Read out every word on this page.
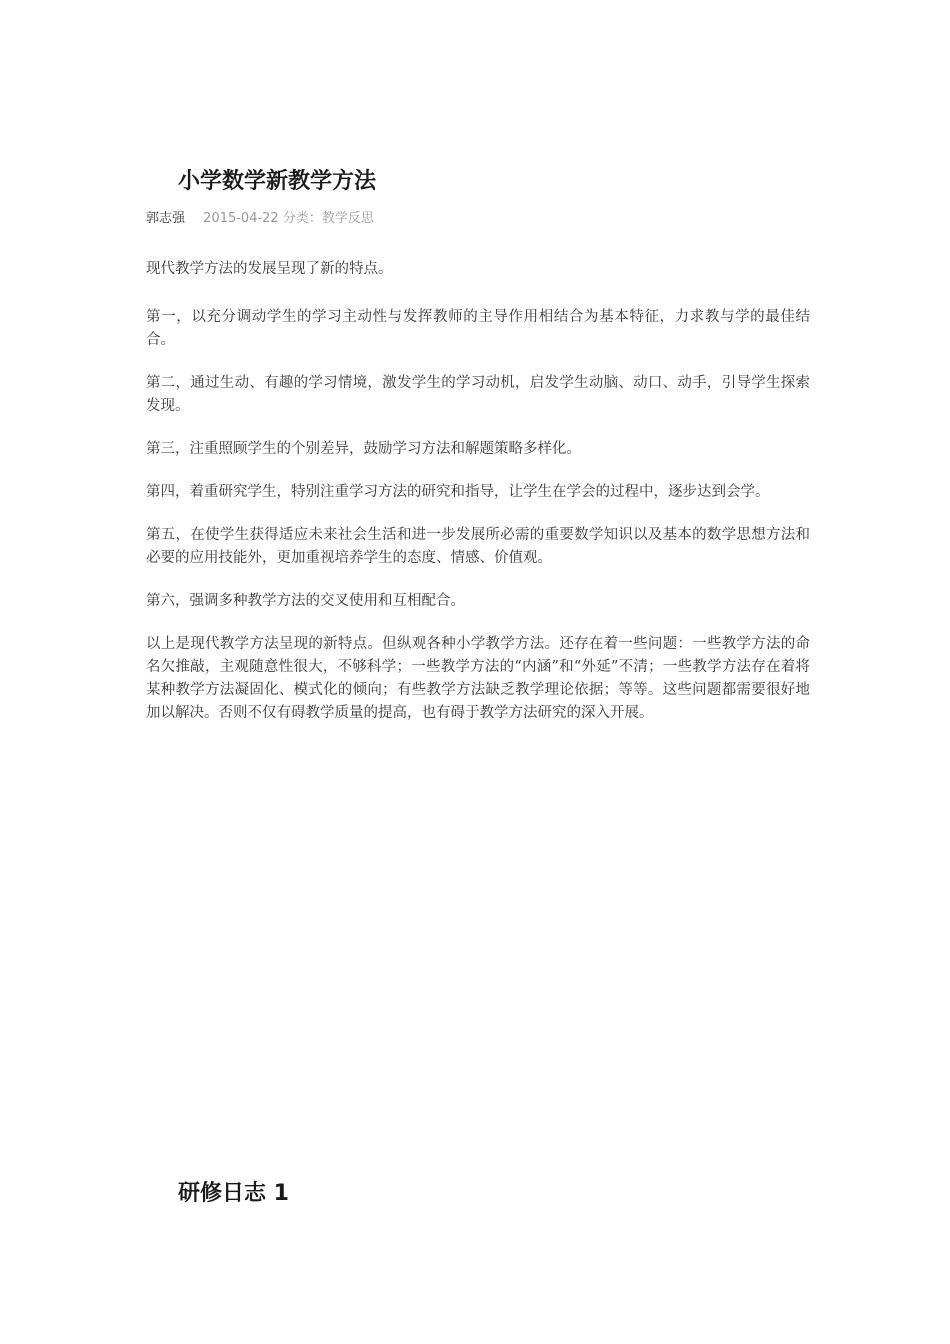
小学数学新教学方法
郭志强 2015-04-22 分类：教学反思

现代教学方法的发展呈现了新的特点。

第一，以充分调动学生的学习主动性与发挥教师的主导作用相结合为基本特征，力求教与学的最佳结合。

第二，通过生动、有趣的学习情境，激发学生的学习动机，启发学生动脑、动口、动手，引导学生探索发现。

第三，注重照顾学生的个别差异，鼓励学习方法和解题策略多样化。

第四，着重研究学生，特别注重学习方法的研究和指导，让学生在学会的过程中，逐步达到会学。

第五，在使学生获得适应未来社会生活和进一步发展所必需的重要数学知识以及基本的数学思想方法和必要的应用技能外，更加重视培养学生的态度、情感、价值观。

第六，强调多种教学方法的交叉使用和互相配合。

以上是现代教学方法呈现的新特点。但纵观各种小学教学方法。还存在着一些问题：一些教学方法的命名欠推敲，主观随意性很大，不够科学；一些教学方法的“内涵”和“外延”不清；一些教学方法存在着将某种教学方法凝固化、模式化的倾向；有些教学方法缺乏教学理论依据；等等。这些问题都需要很好地加以解决。否则不仅有碍教学质量的提高，也有碍于教学方法研究的深入开展。

研修日志 1
